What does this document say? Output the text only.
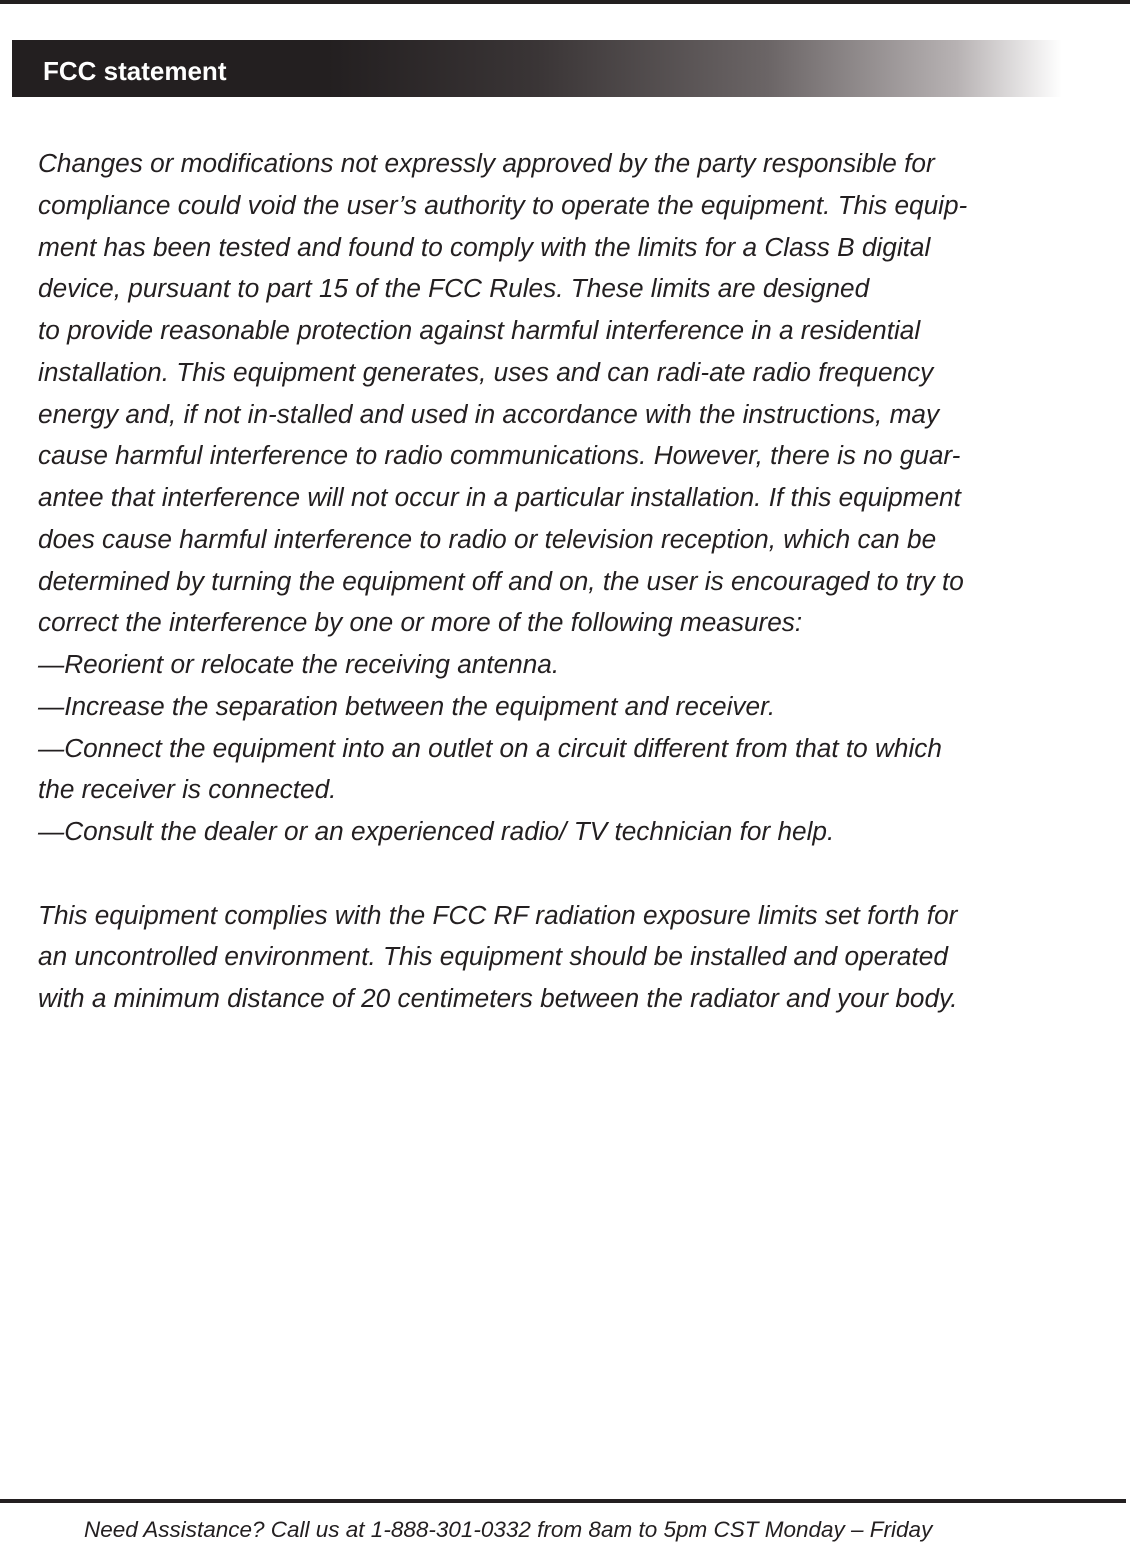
FCC statement
Changes or modifications not expressly approved by the party responsible for
compliance could void the user’s authority to operate the equipment. This equip-
ment has been tested and found to comply with the limits for a Class B digital
device, pursuant to part 15 of the FCC Rules. These limits are designed
to provide reasonable protection against harmful interference in a residential
installation. This equipment generates, uses and can radi-ate radio frequency
energy and, if not in-stalled and used in accordance with the instructions, may
cause harmful interference to radio communications. However, there is no guar-
antee that interference will not occur in a particular installation. If this equipment
does cause harmful interference to radio or television reception, which can be
determined by turning the equipment off and on, the user is encouraged to try to
correct the interference by one or more of the following measures:
—Reorient or relocate the receiving antenna.
—Increase the separation between the equipment and receiver.
—Connect the equipment into an outlet on a circuit different from that to which
the receiver is connected.
—Consult the dealer or an experienced radio/ TV technician for help.
This equipment complies with the FCC RF radiation exposure limits set forth for
an uncontrolled environment. This equipment should be installed and operated
with a minimum distance of 20 centimeters between the radiator and your body.
Need Assistance? Call us at 1-888-301-0332 from 8am to 5pm CST Monday – Friday
